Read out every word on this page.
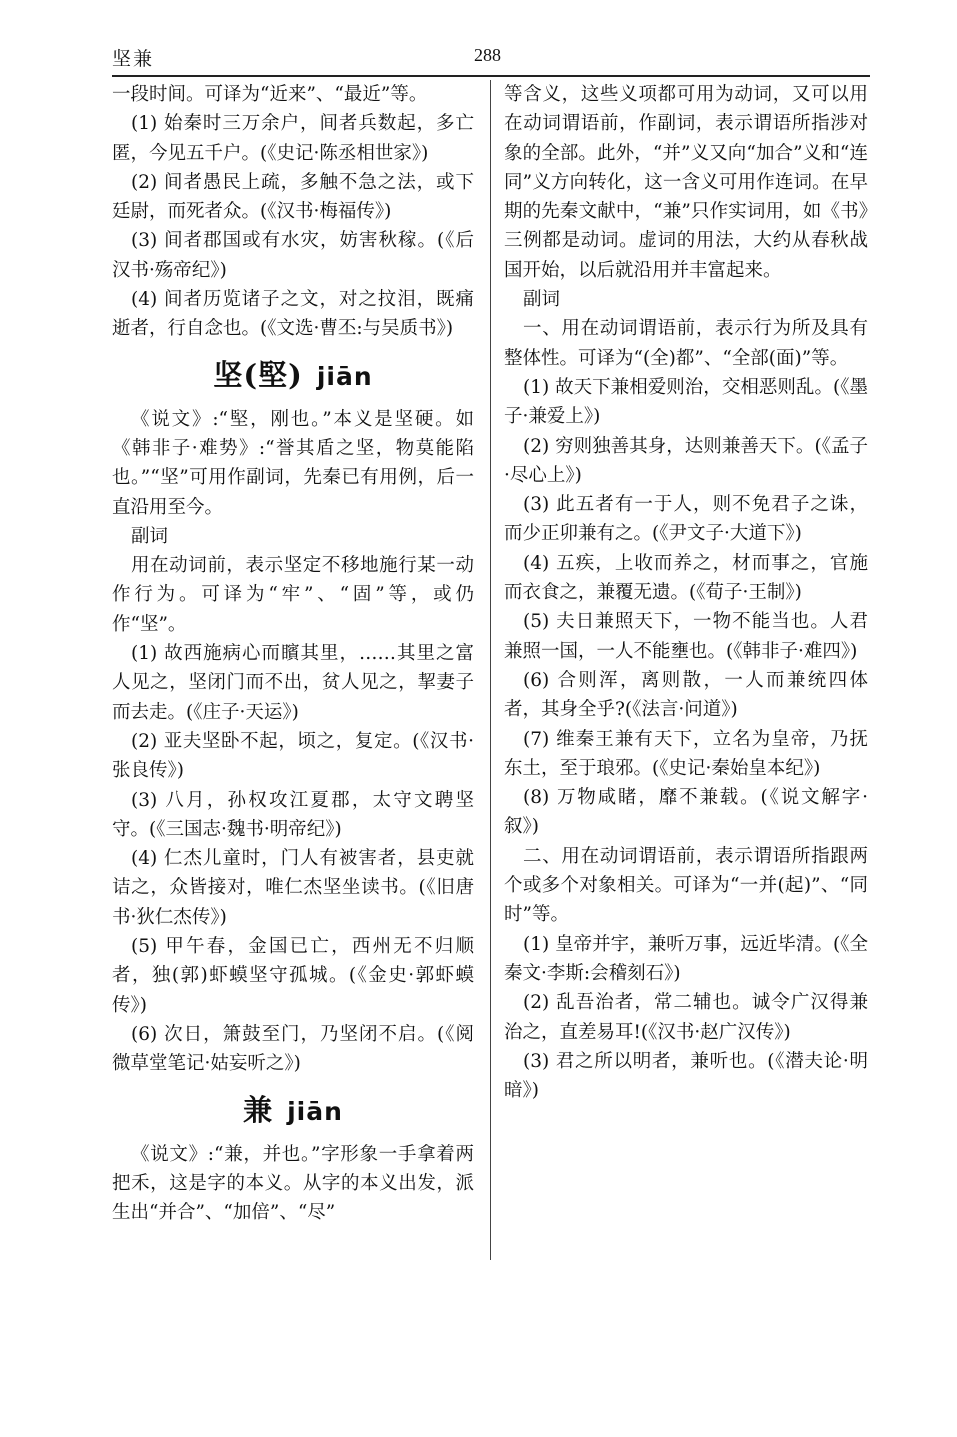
坚兼	288

一段时间。可译为“近来”、“最近”等。

(1) 始秦时三万余户，间者兵数起，多亡匿，今见五千户。(《史记·陈丞相世家》)

(2) 间者愚民上疏，多触不急之法，或下廷尉，而死者众。(《汉书·梅福传》)

(3) 间者郡国或有水灾，妨害秋稼。(《后汉书·殇帝纪》)

(4) 间者历览诸子之文，对之抆泪，既痛逝者，行自念也。(《文选·曹丕:与吴质书》)

坚(堅) jiān

《说文》:“堅，刚也。”本义是坚硬。如《韩非子·难势》:“誉其盾之坚，物莫能陷也。”“坚”可用作副词，先秦已有用例，后一直沿用至今。

副词

用在动词前，表示坚定不移地施行某一动作行为。可译为“牢”、“固”等，或仍作“坚”。

(1) 故西施病心而矉其里，……其里之富人见之，坚闭门而不出，贫人见之，挈妻子而去走。(《庄子·天运》)

(2) 亚夫坚卧不起，顷之，复定。(《汉书·张良传》)

(3) 八月，孙权攻江夏郡，太守文聘坚守。(《三国志·魏书·明帝纪》)

(4) 仁杰儿童时，门人有被害者，县吏就诘之，众皆接对，唯仁杰坚坐读书。(《旧唐书·狄仁杰传》)

(5) 甲午春，金国已亡，西州无不归顺者，独(郭)虾蟆坚守孤城。(《金史·郭虾蟆传》)

(6) 次日，箫鼓至门，乃坚闭不启。(《阅微草堂笔记·姑妄听之》)

兼 jiān

《说文》:“兼，并也。”字形象一手拿着两把禾，这是字的本义。从字的本义出发，派生出“并合”、“加倍”、“尽”

等含义，这些义项都可用为动词，又可以用在动词谓语前，作副词，表示谓语所指涉对象的全部。此外，“并”义又向“加合”义和“连同”义方向转化，这一含义可用作连词。在早期的先秦文献中，“兼”只作实词用，如《书》三例都是动词。虚词的用法，大约从春秋战国开始，以后就沿用并丰富起来。

副词

一、用在动词谓语前，表示行为所及具有整体性。可译为“(全)都”、“全部(面)”等。

(1) 故天下兼相爱则治，交相恶则乱。(《墨子·兼爱上》)

(2) 穷则独善其身，达则兼善天下。(《孟子·尽心上》)

(3) 此五者有一于人，则不免君子之诛，而少正卯兼有之。(《尹文子·大道下》)

(4) 五疾，上收而养之，材而事之，官施而衣食之，兼覆无遗。(《荀子·王制》)

(5) 夫日兼照天下，一物不能当也。人君兼照一国，一人不能壅也。(《韩非子·难四》)

(6) 合则浑，离则散，一人而兼统四体者，其身全乎?(《法言·问道》)

(7) 维秦王兼有天下，立名为皇帝，乃抚东土，至于琅邪。(《史记·秦始皇本纪》)

(8) 万物咸睹，靡不兼载。(《说文解字·叙》)

二、用在动词谓语前，表示谓语所指跟两个或多个对象相关。可译为“一并(起)”、“同时”等。

(1) 皇帝并宇，兼听万事，远近毕清。(《全秦文·李斯:会稽刻石》)

(2) 乱吾治者，常二辅也。诚令广汉得兼治之，直差易耳!(《汉书·赵广汉传》)

(3) 君之所以明者，兼听也。(《潜夫论·明暗》)
